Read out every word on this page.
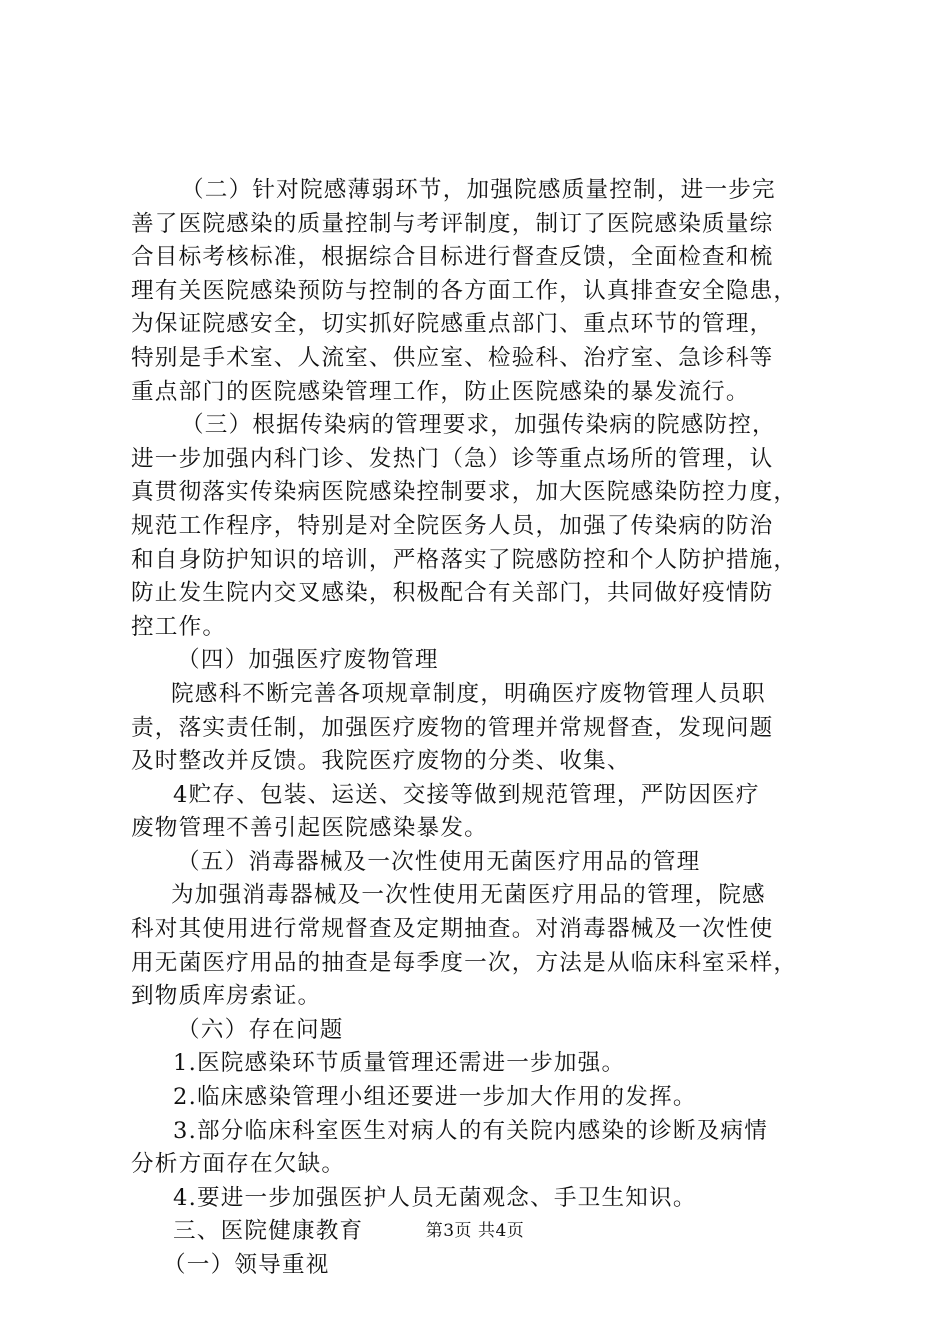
（二）针对院感薄弱环节，加强院感质量控制，进一步完
善了医院感染的质量控制与考评制度，制订了医院感染质量综
合目标考核标准，根据综合目标进行督查反馈，全面检查和梳
理有关医院感染预防与控制的各方面工作，认真排查安全隐患，
为保证院感安全，切实抓好院感重点部门、重点环节的管理，
特别是手术室、人流室、供应室、检验科、治疗室、急诊科等
重点部门的医院感染管理工作，防止医院感染的暴发流行。
（三）根据传染病的管理要求，加强传染病的院感防控，
进一步加强内科门诊、发热门（急）诊等重点场所的管理，认
真贯彻落实传染病医院感染控制要求，加大医院感染防控力度，
规范工作程序，特别是对全院医务人员，加强了传染病的防治
和自身防护知识的培训，严格落实了院感防控和个人防护措施，
防止发生院内交叉感染，积极配合有关部门，共同做好疫情防
控工作。
（四）加强医疗废物管理
院感科不断完善各项规章制度，明确医疗废物管理人员职
责，落实责任制，加强医疗废物的管理并常规督查，发现问题
及时整改并反馈。我院医疗废物的分类、收集、
4贮存、包装、运送、交接等做到规范管理，严防因医疗
废物管理不善引起医院感染暴发。
（五）消毒器械及一次性使用无菌医疗用品的管理
为加强消毒器械及一次性使用无菌医疗用品的管理，院感
科对其使用进行常规督查及定期抽查。对消毒器械及一次性使
用无菌医疗用品的抽查是每季度一次，方法是从临床科室采样，
到物质库房索证。
（六）存在问题
1.医院感染环节质量管理还需进一步加强。
2.临床感染管理小组还要进一步加大作用的发挥。
3.部分临床科室医生对病人的有关院内感染的诊断及病情
分析方面存在欠缺。
4.要进一步加强医护人员无菌观念、手卫生知识。
三、医院健康教育
（一）领导重视
第3页 共4页
